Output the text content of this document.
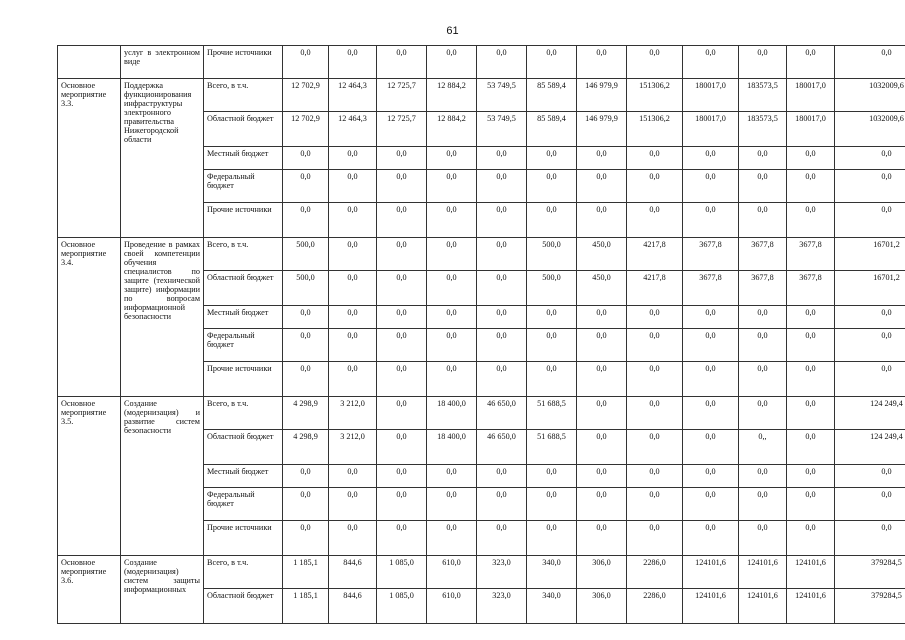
61
	услуг в электронном виде	Прочие источники	0,0	0,0	0,0	0,0	0,0	0,0	0,0	0,0	0,0	0,0	0,0	0,0
Основное мероприятие 3.3.	Поддержка функционирования инфраструктуры электронного правительства Нижегородской области	Всего, в т.ч.	12 702,9	12 464,3	12 725,7	12 884,2	53 749,5	85 589,4	146 979,9	151306,2	180017,0	183573,5	180017,0	1032009,6
		Областной бюджет	12 702,9	12 464,3	12 725,7	12 884,2	53 749,5	85 589,4	146 979,9	151306,2	180017,0	183573,5	180017,0	1032009,6
		Местный бюджет	0,0	0,0	0,0	0,0	0,0	0,0	0,0	0,0	0,0	0,0	0,0	0,0
		Федеральный бюджет	0,0	0,0	0,0	0,0	0,0	0,0	0,0	0,0	0,0	0,0	0,0	0,0
		Прочие источники	0,0	0,0	0,0	0,0	0,0	0,0	0,0	0,0	0,0	0,0	0,0	0,0
Основное мероприятие 3.4.	Проведение в рамках своей компетенции обучения специалистов по защите (технической защите) информации по вопросам информационной безопасности	Всего, в т.ч.	500,0	0,0	0,0	0,0	0,0	500,0	450,0	4217,8	3677,8	3677,8	3677,8	16701,2
		Областной бюджет	500,0	0,0	0,0	0,0	0,0	500,0	450,0	4217,8	3677,8	3677,8	3677,8	16701,2
		Местный бюджет	0,0	0,0	0,0	0,0	0,0	0,0	0,0	0,0	0,0	0,0	0,0	0,0
		Федеральный бюджет	0,0	0,0	0,0	0,0	0,0	0,0	0,0	0,0	0,0	0,0	0,0	0,0
		Прочие источники	0,0	0,0	0,0	0,0	0,0	0,0	0,0	0,0	0,0	0,0	0,0	0,0
Основное мероприятие 3.5.	Создание (модернизация) и развитие систем безопасности	Всего, в т.ч.	4 298,9	3 212,0	0,0	18 400,0	46 650,0	51 688,5	0,0	0,0	0,0	0,0	0,0	124 249,4
		Областной бюджет	4 298,9	3 212,0	0,0	18 400,0	46 650,0	51 688,5	0,0	0,0	0,0	0,,	0,0	124 249,4
		Местный бюджет	0,0	0,0	0,0	0,0	0,0	0,0	0,0	0,0	0,0	0,0	0,0	0,0
		Федеральный бюджет	0,0	0,0	0,0	0,0	0,0	0,0	0,0	0,0	0,0	0,0	0,0	0,0
		Прочие источники	0,0	0,0	0,0	0,0	0,0	0,0	0,0	0,0	0,0	0,0	0,0	0,0
Основное мероприятие 3.6.	Создание (модернизация) систем защиты информационных	Всего, в т.ч.	1 185,1	844,6	1 085,0	610,0	323,0	340,0	306,0	2286,0	124101,6	124101,6	124101,6	379284,5
		Областной бюджет	1 185,1	844,6	1 085,0	610,0	323,0	340,0	306,0	2286,0	124101,6	124101,6	124101,6	379284,5
